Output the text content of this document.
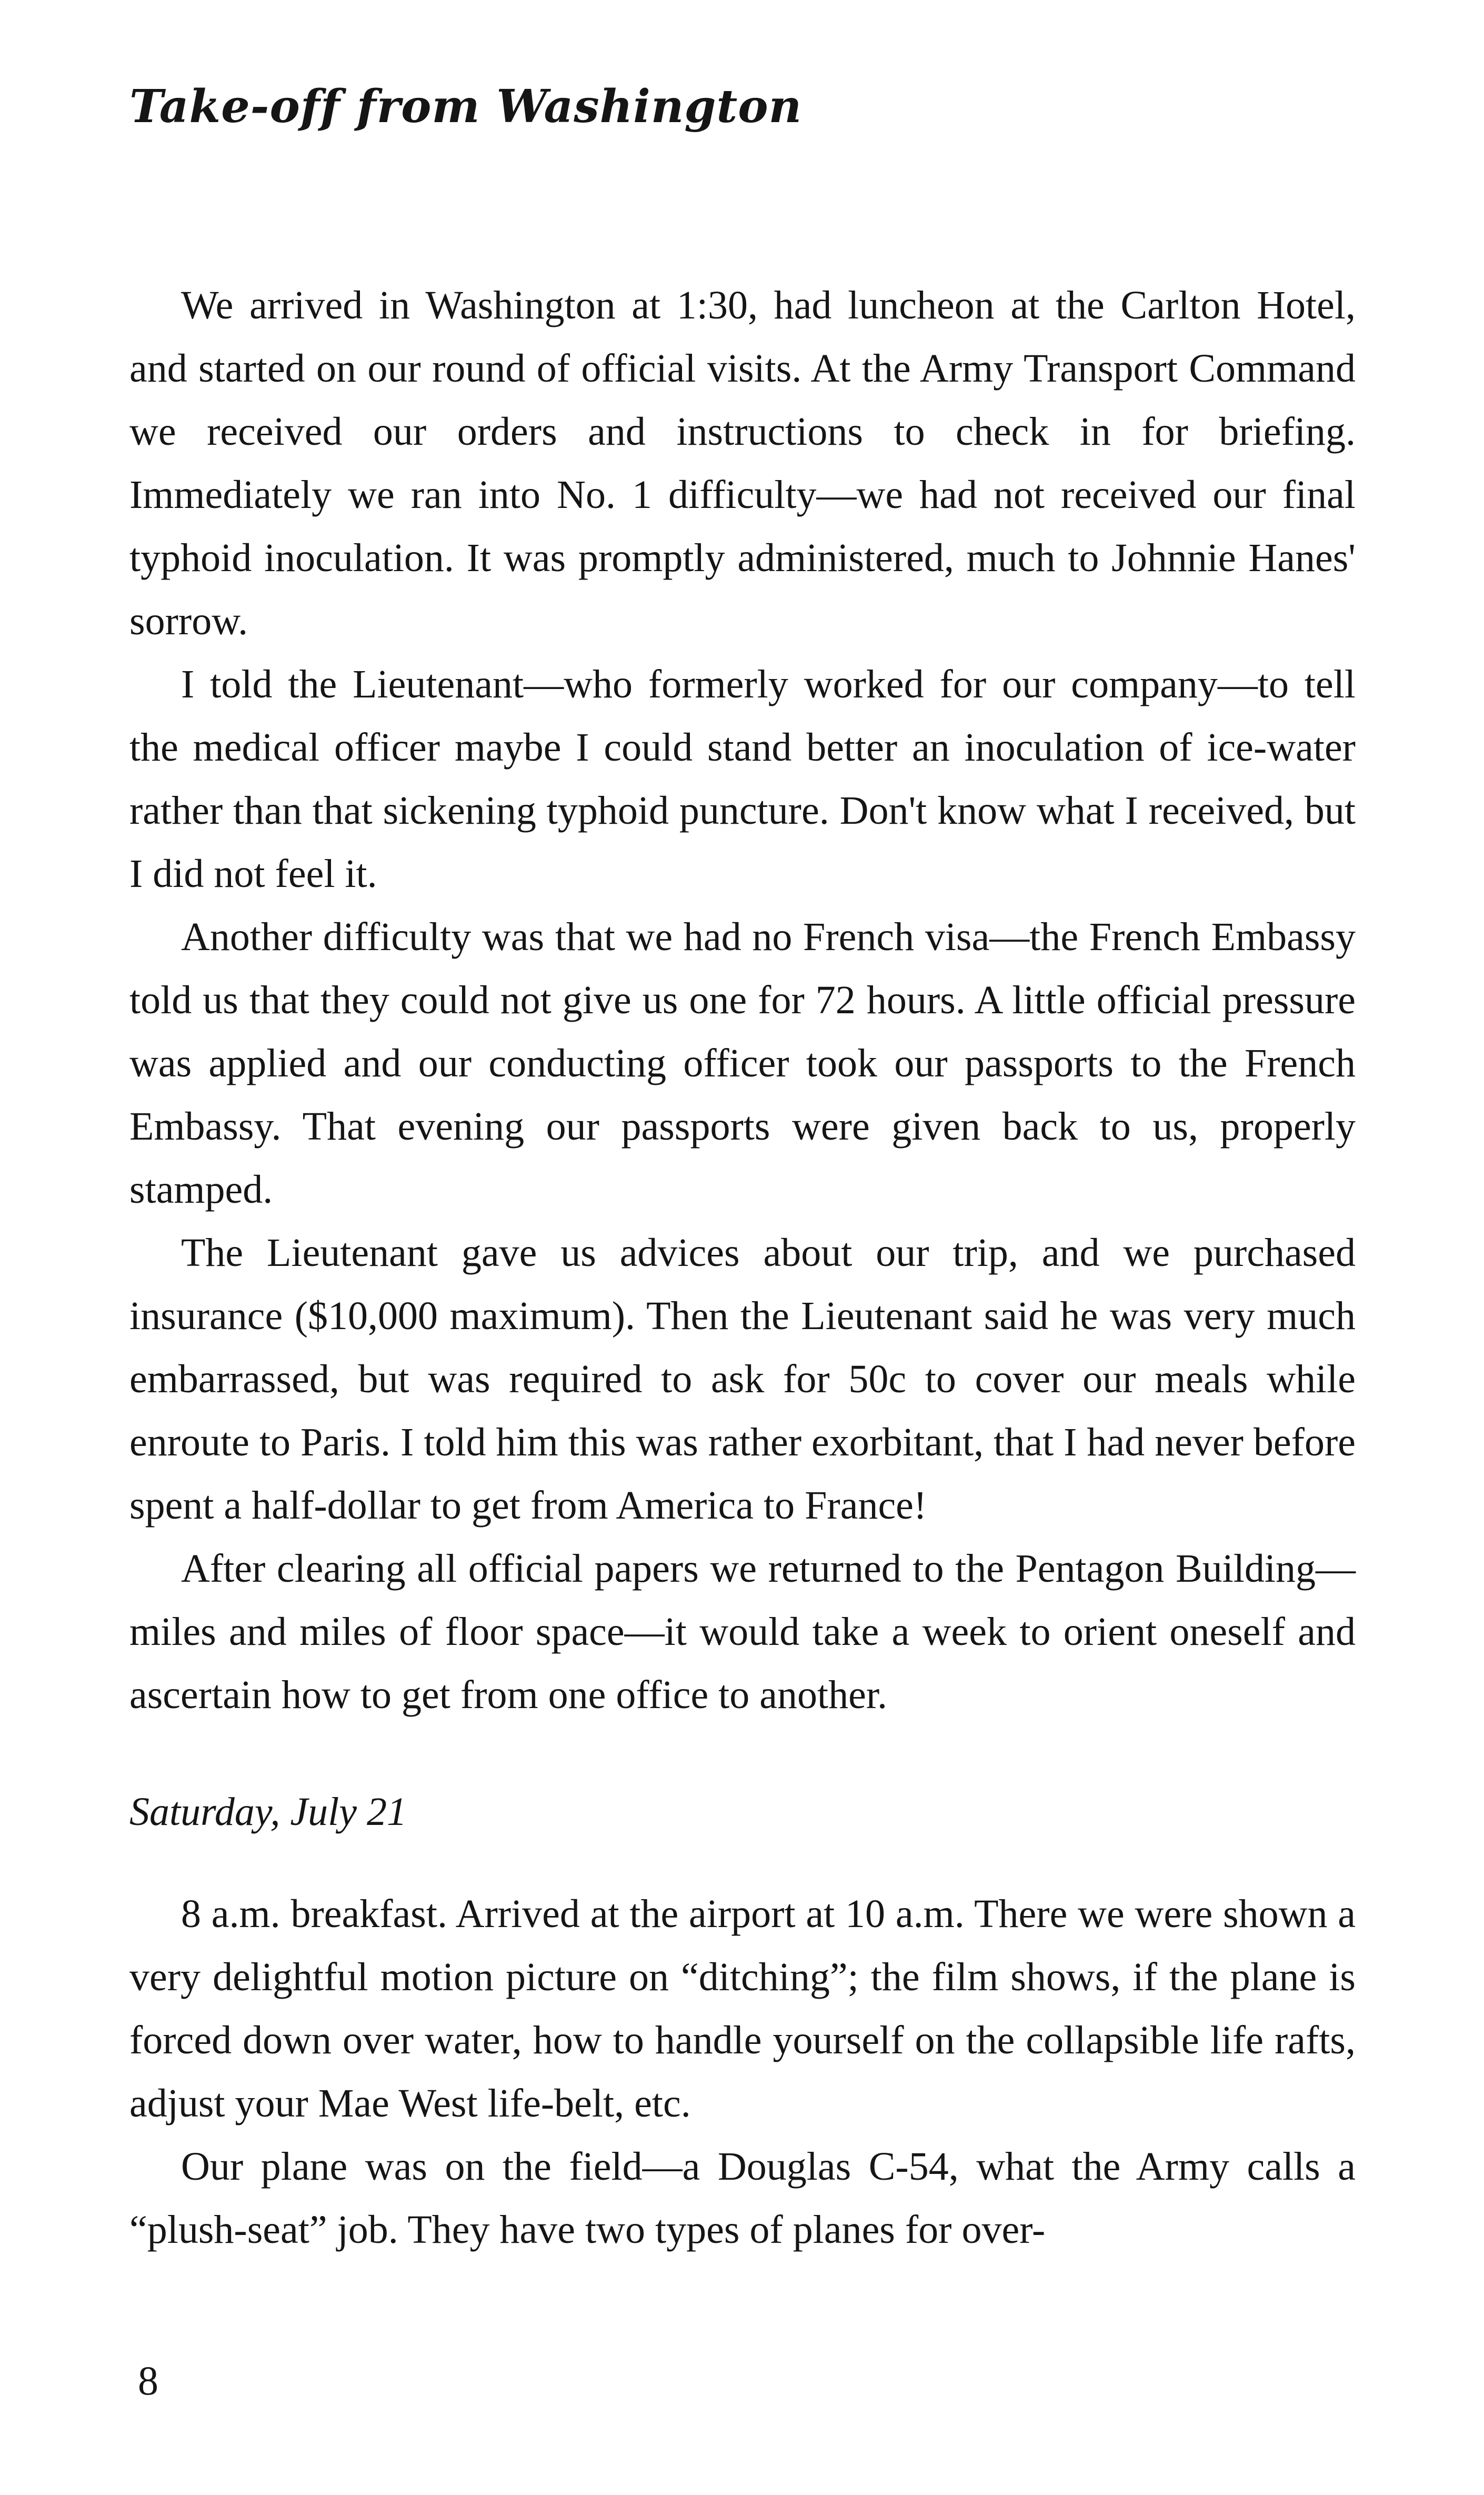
Take-off from Washington

We arrived in Washington at 1:30, had luncheon at the Carlton Hotel, and started on our round of official visits. At the Army Transport Command we received our orders and instructions to check in for briefing. Immediately we ran into No. 1 difficulty—we had not received our final typhoid inoculation. It was promptly administered, much to Johnnie Hanes' sorrow.

I told the Lieutenant—who formerly worked for our company—to tell the medical officer maybe I could stand better an inoculation of ice-water rather than that sickening typhoid puncture. Don't know what I received, but I did not feel it.

Another difficulty was that we had no French visa—the French Embassy told us that they could not give us one for 72 hours. A little official pressure was applied and our conducting officer took our passports to the French Embassy. That evening our passports were given back to us, properly stamped.

The Lieutenant gave us advices about our trip, and we purchased insurance ($10,000 maximum). Then the Lieutenant said he was very much embarrassed, but was required to ask for 50c to cover our meals while enroute to Paris. I told him this was rather exorbitant, that I had never before spent a half-dollar to get from America to France!

After clearing all official papers we returned to the Pentagon Building—miles and miles of floor space—it would take a week to orient oneself and ascertain how to get from one office to another.

Saturday, July 21

8 a.m. breakfast. Arrived at the airport at 10 a.m. There we were shown a very delightful motion picture on “ditching”; the film shows, if the plane is forced down over water, how to handle yourself on the collapsible life rafts, adjust your Mae West life-belt, etc.

Our plane was on the field—a Douglas C-54, what the Army calls a “plush-seat” job. They have two types of planes for over-

8
